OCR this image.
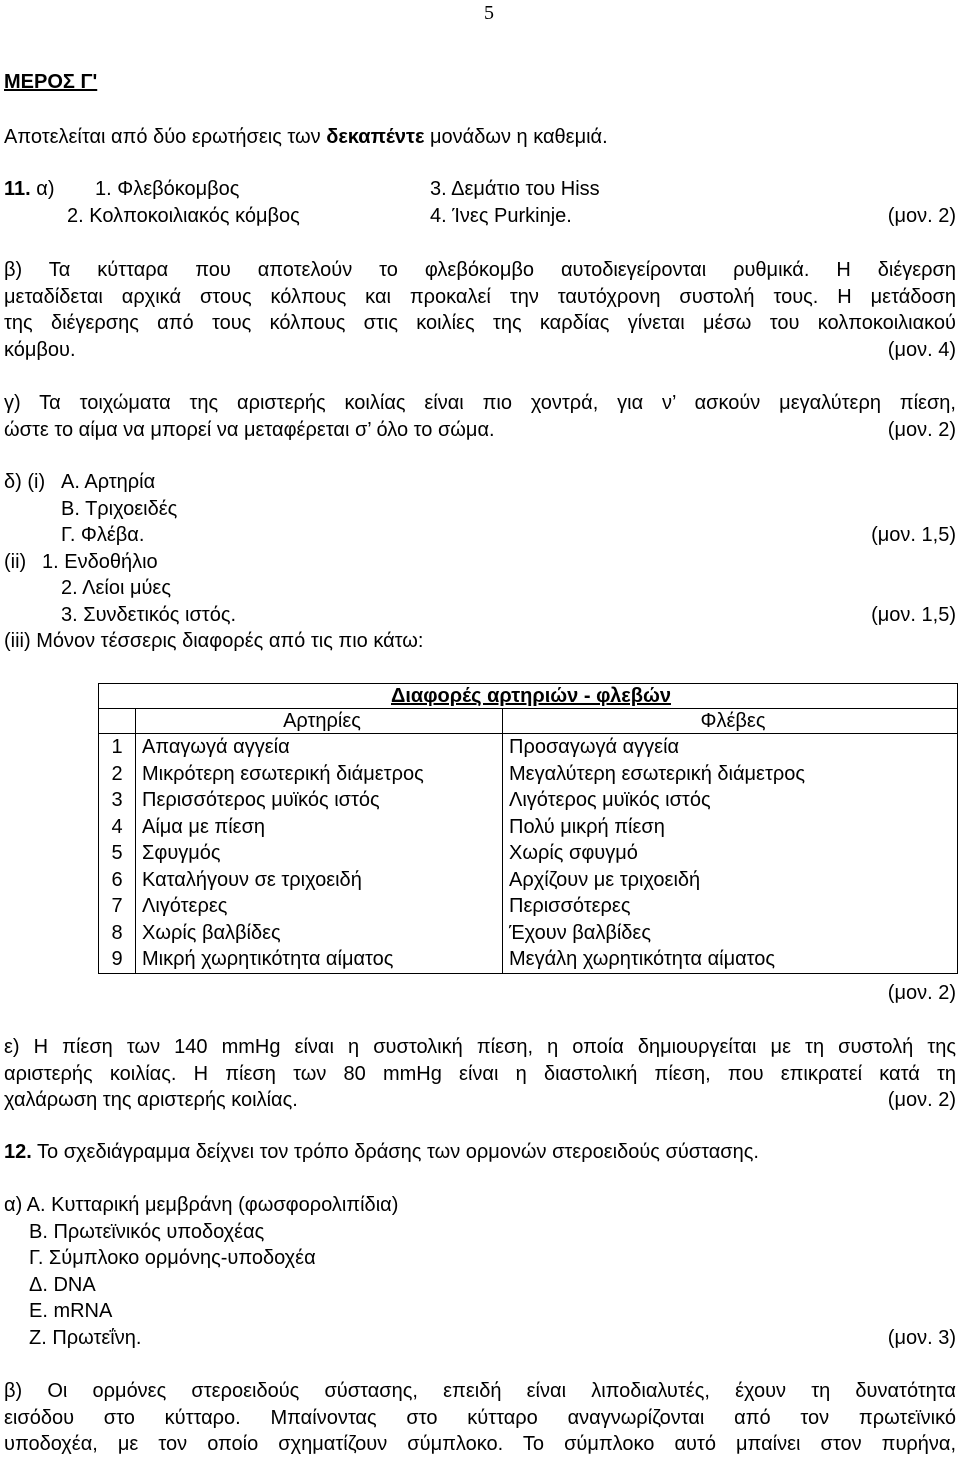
5
ΜΕΡΟΣ Γ'
Αποτελείται από δύο ερωτήσεις των δεκαπέντε μονάδων η καθεμιά.
11. α) 1. Φλεβόκομβος
2. Κολποκοιλιακός κόμβος
3. Δεμάτιο του Hiss
4. Ίνες Purkinje.	(μον. 2)
β) Τα κύτταρα που αποτελούν το φλεβόκομβο αυτοδιεγείρονται ρυθμικά. Η διέγερση
μεταδίδεται αρχικά στους κόλπους και προκαλεί την ταυτόχρονη συστολή τους. Η μετάδοση
της διέγερσης από τους κόλπους στις κοιλίες της καρδίας γίνεται μέσω του κολποκοιλιακού
κόμβου.	(μον. 4)
γ) Τα τοιχώματα της αριστερής κοιλίας είναι πιο χοντρά, για ν’ ασκούν μεγαλύτερη πίεση,
ώστε το αίμα να μπορεί να μεταφέρεται σ’ όλο το σώμα.	(μον. 2)
δ) (i) Α. Αρτηρία
Β. Τριχοειδές
Γ. Φλέβα.	(μον. 1,5)
(ii) 1. Ενδοθήλιο
2. Λείοι μύες
3. Συνδετικός ιστός.	(μον. 1,5)
(iii) Μόνον τέσσερις διαφορές από τις πιο κάτω:
Διαφορές αρτηριών - φλεβών		
	Αρτηρίες	Φλέβες
1	Απαγωγά αγγεία	Προσαγωγά αγγεία
2	Μικρότερη εσωτερική διάμετρος	Μεγαλύτερη εσωτερική διάμετρος
3	Περισσότερος μυϊκός ιστός	Λιγότερος μυϊκός ιστός
4	Αίμα με πίεση	Πολύ μικρή πίεση
5	Σφυγμός	Χωρίς σφυγμό
6	Καταλήγουν σε τριχοειδή	Αρχίζουν με τριχοειδή
7	Λιγότερες	Περισσότερες
8	Χωρίς βαλβίδες	Έχουν βαλβίδες
9	Μικρή χωρητικότητα αίματος	Μεγάλη χωρητικότητα αίματος
(μον. 2)
ε) Η πίεση των 140 mmHg είναι η συστολική πίεση, η οποία δημιουργείται με τη συστολή της
αριστερής κοιλίας. Η πίεση των 80 mmHg είναι η διαστολική πίεση, που επικρατεί κατά τη
χαλάρωση της αριστερής κοιλίας.	(μον. 2)
12. Το σχεδιάγραμμα δείχνει τον τρόπο δράσης των ορμονών στεροειδούς σύστασης.
α) Α. Κυτταρική μεμβράνη (φωσφορολιπίδια)
Β. Πρωτεϊνικός υποδοχέας
Γ. Σύμπλοκο ορμόνης-υποδοχέα
Δ. DNA
Ε. mRNA
Ζ. Πρωτεΐνη.	(μον. 3)
β) Οι ορμόνες στεροειδούς σύστασης, επειδή είναι λιποδιαλυτές, έχουν τη δυνατότητα
εισόδου στο κύτταρο. Μπαίνοντας στο κύτταρο αναγνωρίζονται από τον πρωτεϊνικό
υποδοχέα, με τον οποίο σχηματίζουν σύμπλοκο. Το σύμπλοκο αυτό μπαίνει στον πυρήνα,
